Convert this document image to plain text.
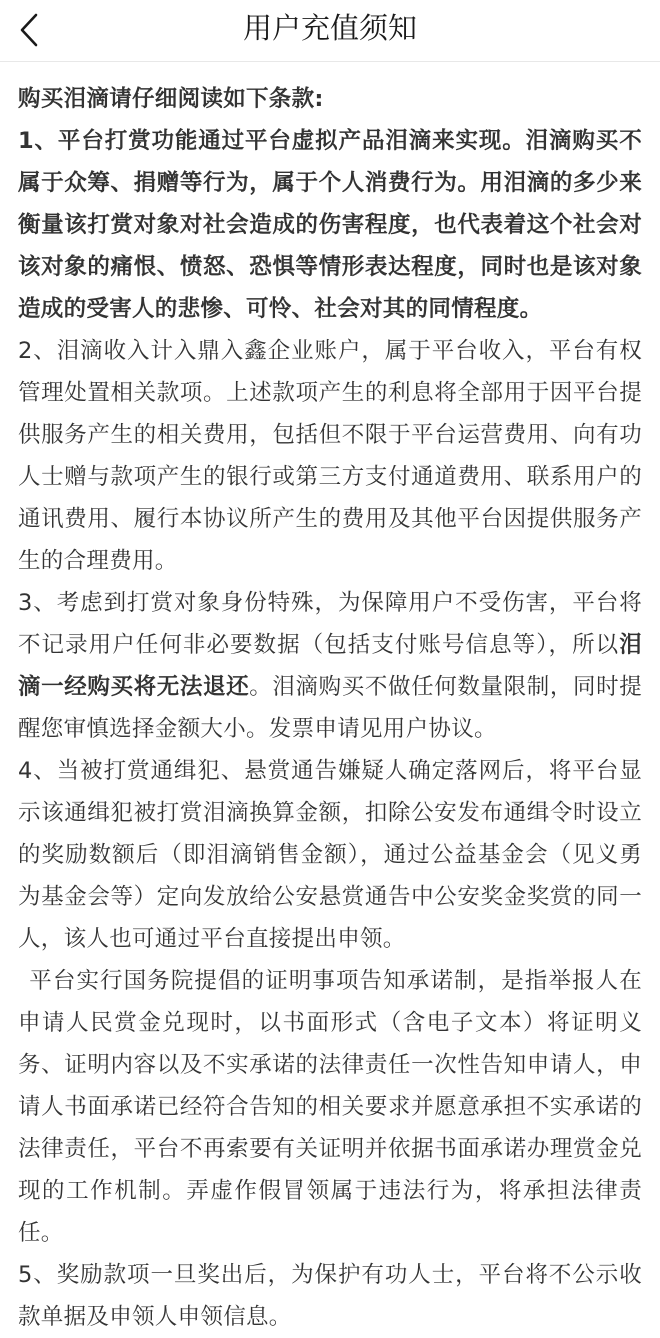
用户充值须知

购买泪滴请仔细阅读如下条款:

1、平台打赏功能通过平台虚拟产品泪滴来实现。泪滴购买不属于众筹、捐赠等行为，属于个人消费行为。用泪滴的多少来衡量该打赏对象对社会造成的伤害程度，也代表着这个社会对该对象的痛恨、愤怒、恐惧等情形表达程度，同时也是该对象造成的受害人的悲惨、可怜、社会对其的同情程度。

2、泪滴收入计入鼎入鑫企业账户，属于平台收入，平台有权管理处置相关款项。上述款项产生的利息将全部用于因平台提供服务产生的相关费用，包括但不限于平台运营费用、向有功人士赠与款项产生的银行或第三方支付通道费用、联系用户的通讯费用、履行本协议所产生的费用及其他平台因提供服务产生的合理费用。

3、考虑到打赏对象身份特殊，为保障用户不受伤害，平台将不记录用户任何非必要数据（包括支付账号信息等），所以泪滴一经购买将无法退还。泪滴购买不做任何数量限制，同时提醒您审慎选择金额大小。发票申请见用户协议。

4、当被打赏通缉犯、悬赏通告嫌疑人确定落网后，将平台显示该通缉犯被打赏泪滴换算金额，扣除公安发布通缉令时设立的奖励数额后（即泪滴销售金额），通过公益基金会（见义勇为基金会等）定向发放给公安悬赏通告中公安奖金奖赏的同一人，该人也可通过平台直接提出申领。

平台实行国务院提倡的证明事项告知承诺制，是指举报人在申请人民赏金兑现时，以书面形式（含电子文本）将证明义务、证明内容以及不实承诺的法律责任一次性告知申请人，申请人书面承诺已经符合告知的相关要求并愿意承担不实承诺的法律责任，平台不再索要有关证明并依据书面承诺办理赏金兑现的工作机制。弄虚作假冒领属于违法行为，将承担法律责任。

5、奖励款项一旦奖出后，为保护有功人士，平台将不公示收款单据及申领人申领信息。
